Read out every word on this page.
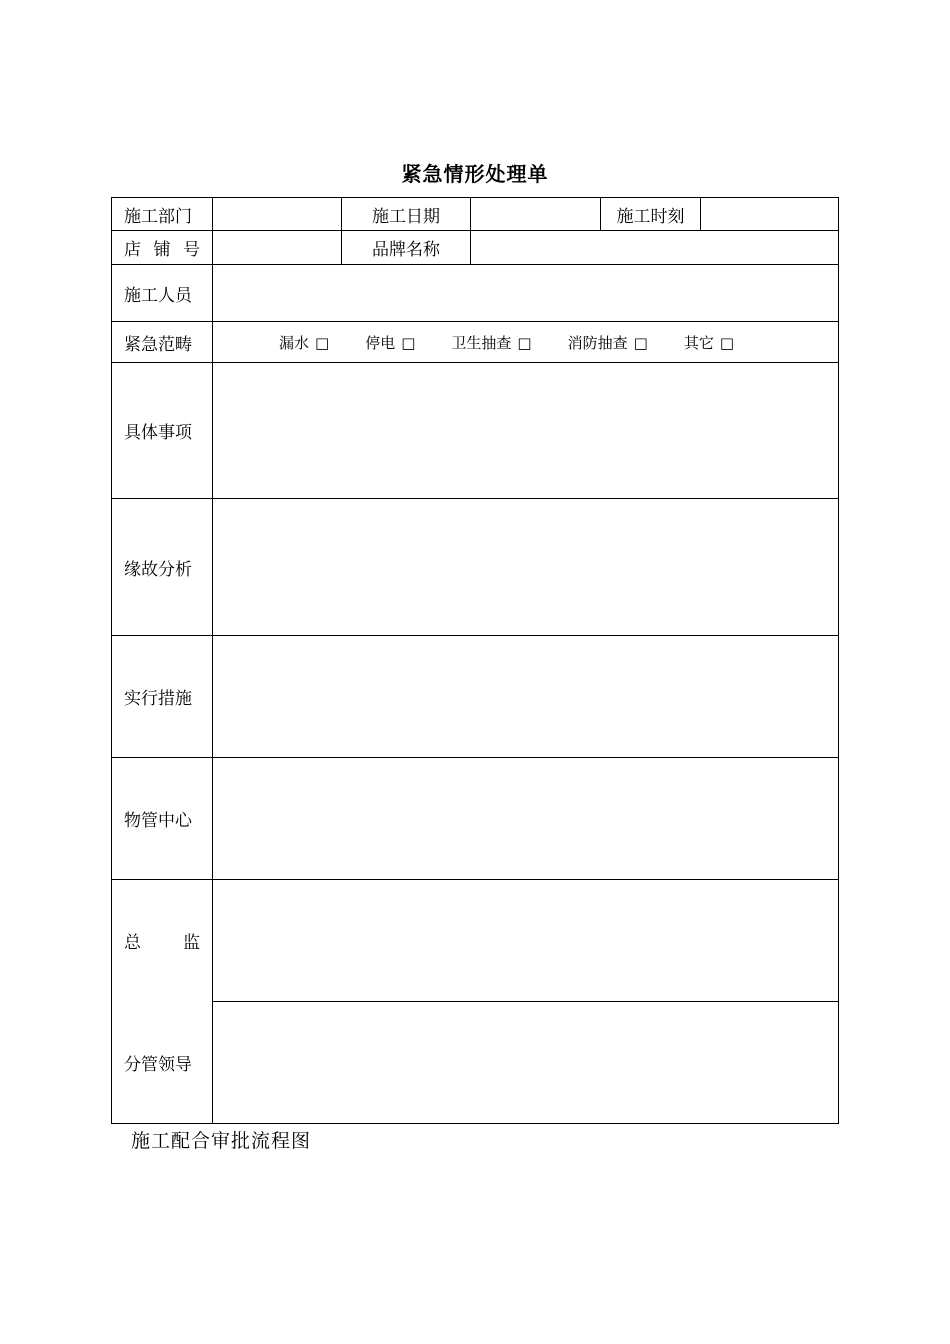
紧急情形处理单
施工部门		施工日期		施工时刻	

店 铺 号		品牌名称			
施工人员					
紧急范畴	漏水 □ 停电 □ 卫生抽查 □ 消防抽查 □ 其它 □				

具体事项					
缘故分析					
实行措施					
物管中心					

总 监					

分管领导					
施工配合审批流程图
